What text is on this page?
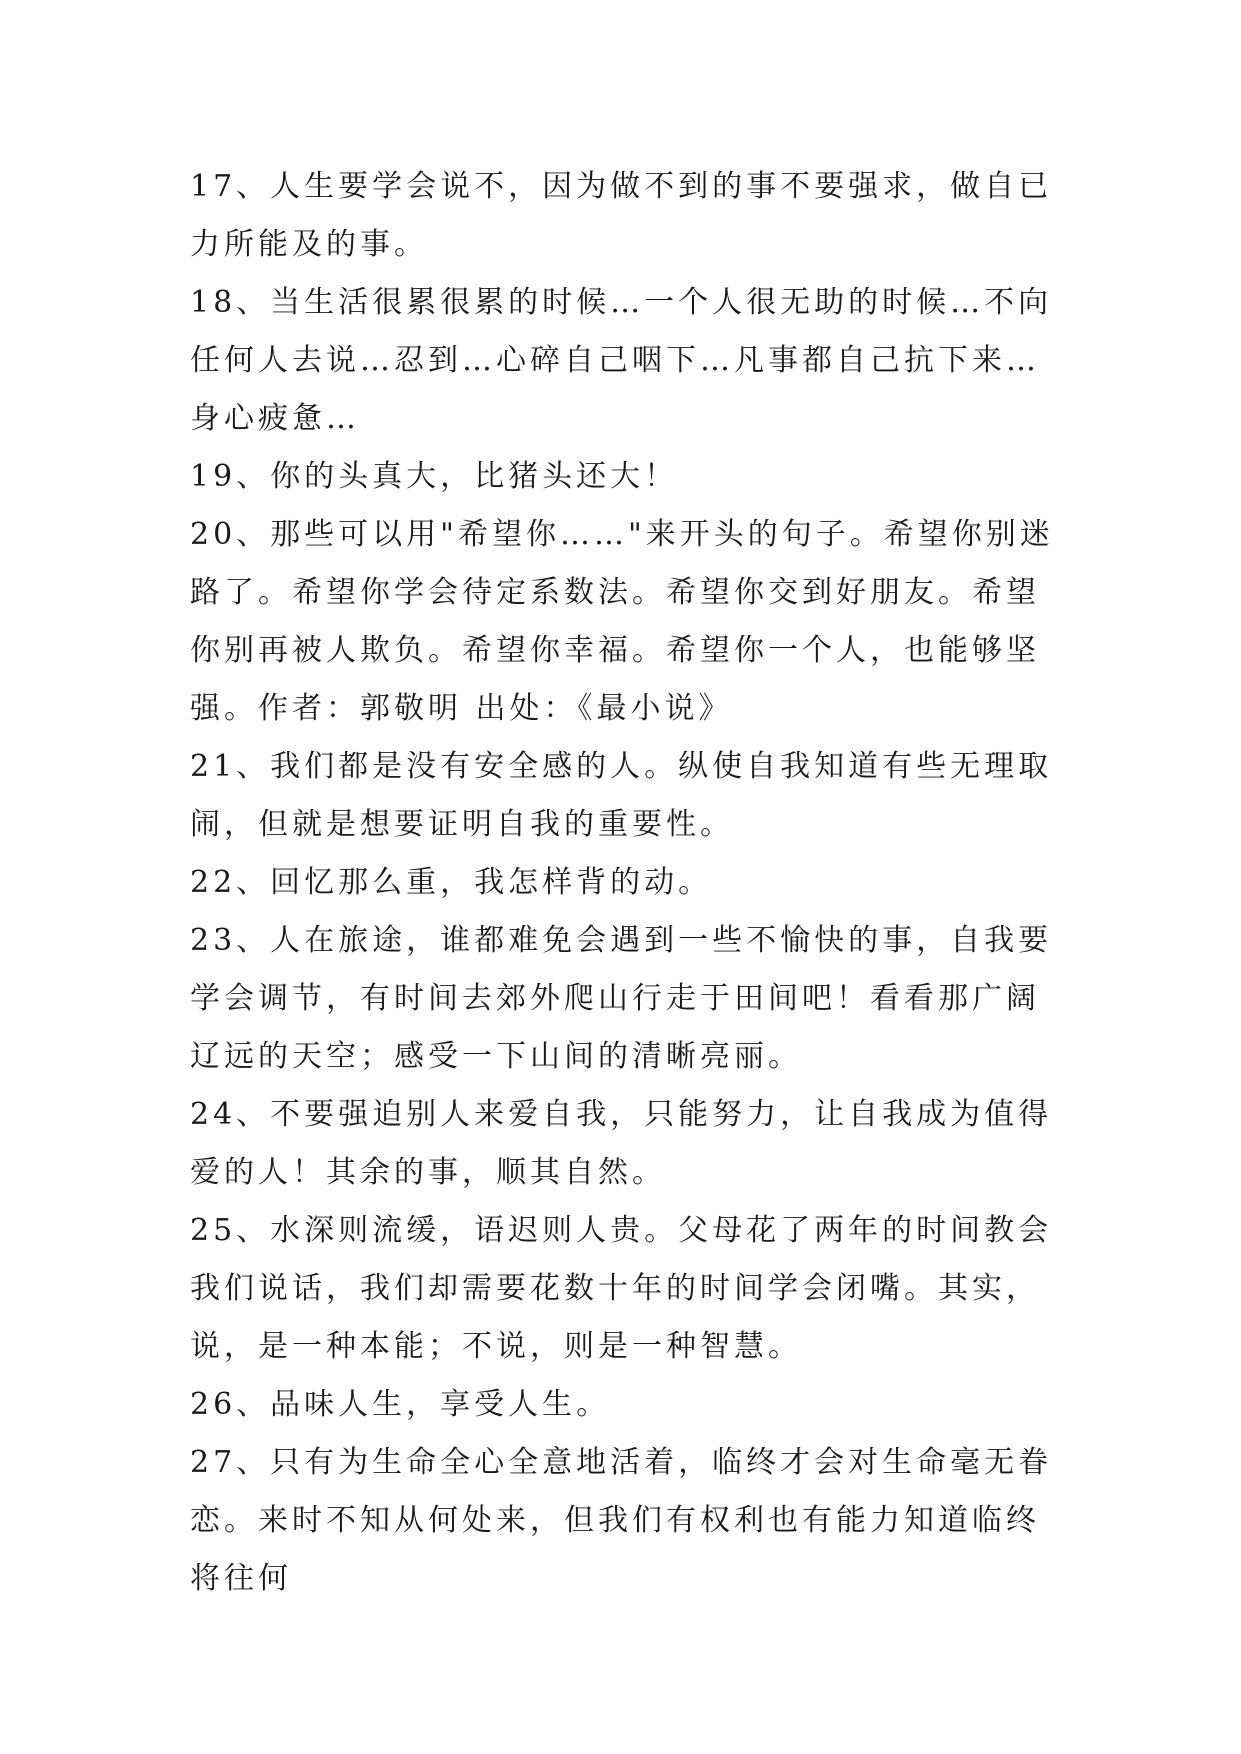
17、人生要学会说不，因为做不到的事不要强求，做自已力所能及的事。

18、当生活很累很累的时候…一个人很无助的时候…不向任何人去说…忍到…心碎自己咽下…凡事都自己抗下来…身心疲惫…

19、你的头真大，比猪头还大！

20、那些可以用"希望你……"来开头的句子。希望你别迷路了。希望你学会待定系数法。希望你交到好朋友。希望你别再被人欺负。希望你幸福。希望你一个人，也能够坚强。作者：郭敬明 出处：《最小说》

21、我们都是没有安全感的人。纵使自我知道有些无理取闹，但就是想要证明自我的重要性。

22、回忆那么重，我怎样背的动。

23、人在旅途，谁都难免会遇到一些不愉快的事，自我要学会调节，有时间去郊外爬山行走于田间吧！看看那广阔辽远的天空；感受一下山间的清晰亮丽。

24、不要强迫别人来爱自我，只能努力，让自我成为值得爱的人！其余的事，顺其自然。

25、水深则流缓，语迟则人贵。父母花了两年的时间教会我们说话，我们却需要花数十年的时间学会闭嘴。其实，说，是一种本能；不说，则是一种智慧。

26、品味人生，享受人生。

27、只有为生命全心全意地活着，临终才会对生命毫无眷恋。来时不知从何处来，但我们有权利也有能力知道临终将往何
